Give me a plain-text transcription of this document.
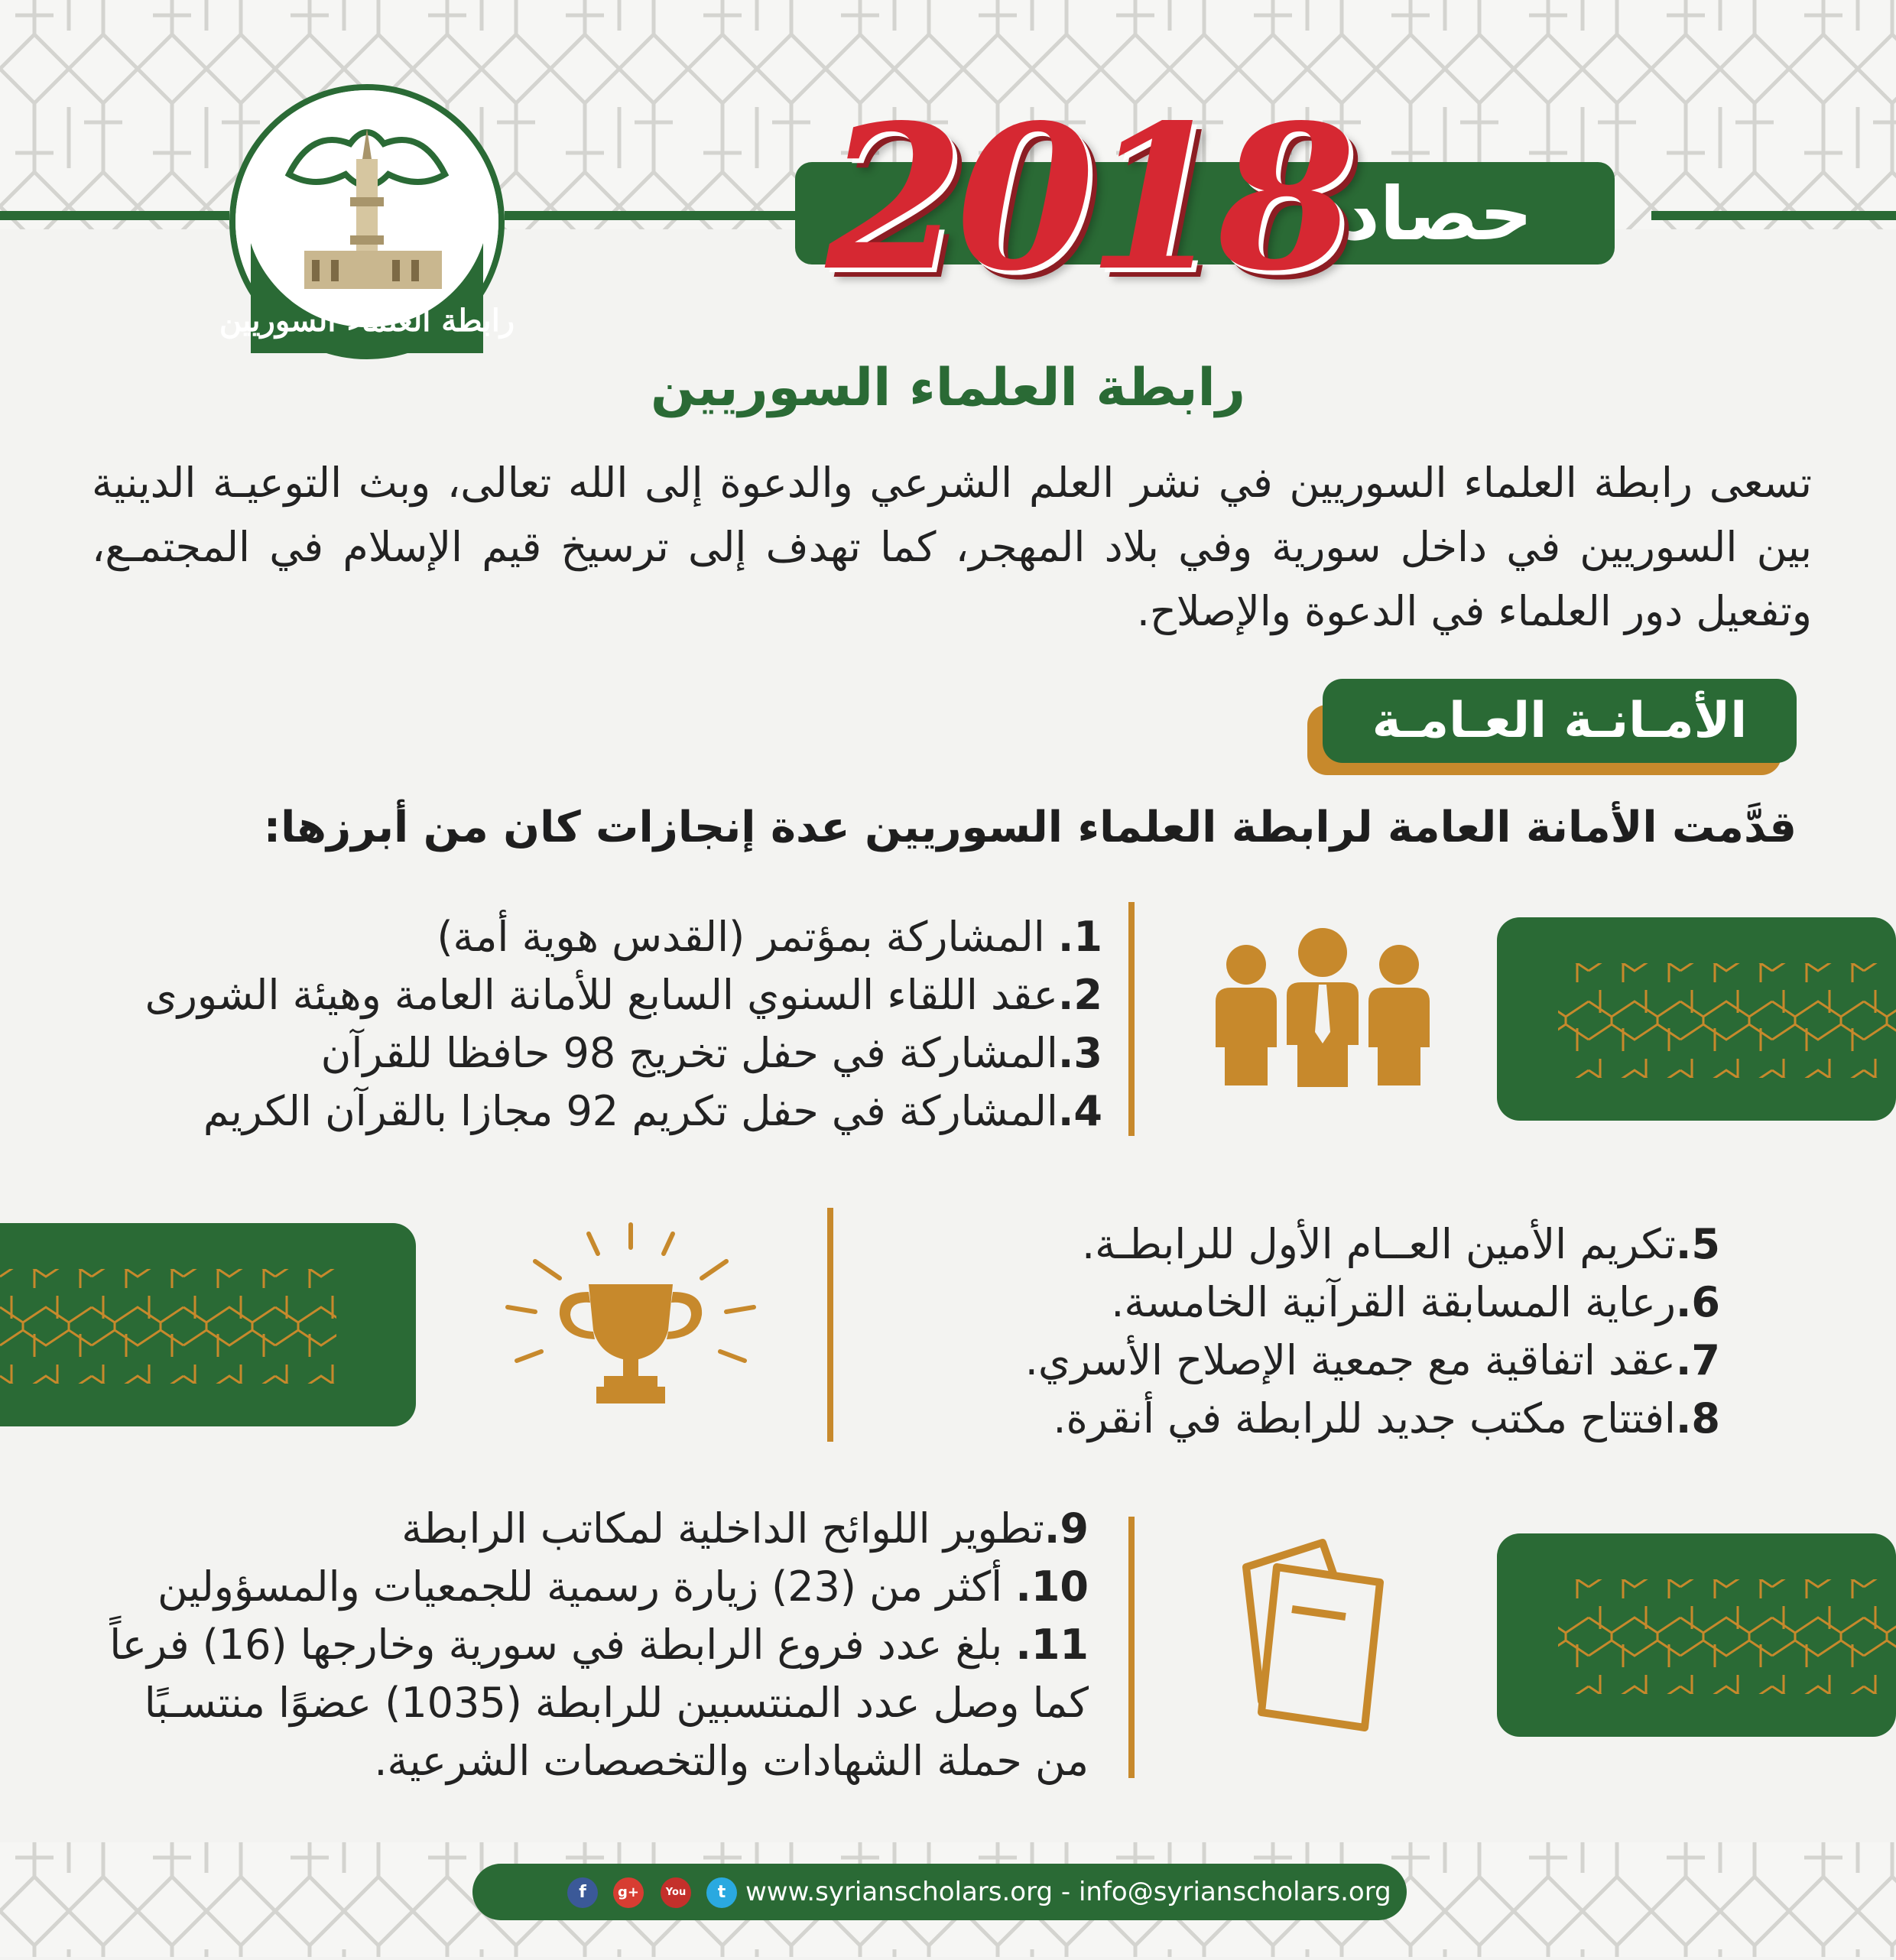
رابطة العلماء السوريين
حصاد
2018
رابطة العلماء السوريين
تسعى رابطة العلماء السوريين في نشر العلم الشرعي والدعوة إلى الله تعالى، وبث التوعيـة الدينية بين السوريين في داخل سورية وفي بلاد المهجر، كما تهدف إلى ترسيخ قيم الإسلام في المجتمـع، وتفعيل دور العلماء في الدعوة والإصلاح.
الأمـانـة العـامـة
قدَّمت الأمانة العامة لرابطة العلماء السوريين عدة إنجازات كان من أبرزها:
1. المشاركة بمؤتمر (القدس هوية أمة)
2.عقد اللقاء السنوي السابع للأمانة العامة وهيئة الشورى
3.المشاركة في حفل تخريج 98 حافظا للقرآن
4.المشاركة في حفل تكريم 92 مجازا بالقرآن الكريم
5.تكريم الأمين العــام الأول للرابطـة.
6.رعاية المسابقة القرآنية الخامسة.
7.عقد اتفاقية مع جمعية الإصلاح الأسري.
8.افتتاح مكتب جديد للرابطة في أنقرة.
9.تطوير اللوائح الداخلية لمكاتب الرابطة
10. أكثر من (23) زيارة رسمية للجمعيات والمسؤولين
11. بلغ عدد فروع الرابطة في سورية وخارجها (16) فرعاً
كما وصل عدد المنتسبين للرابطة (1035) عضوًا منتسـبًا
من حملة الشهادات والتخصصات الشرعية.
f	g+	You	t www.syrianscholars.org - info@syrianscholars.org
